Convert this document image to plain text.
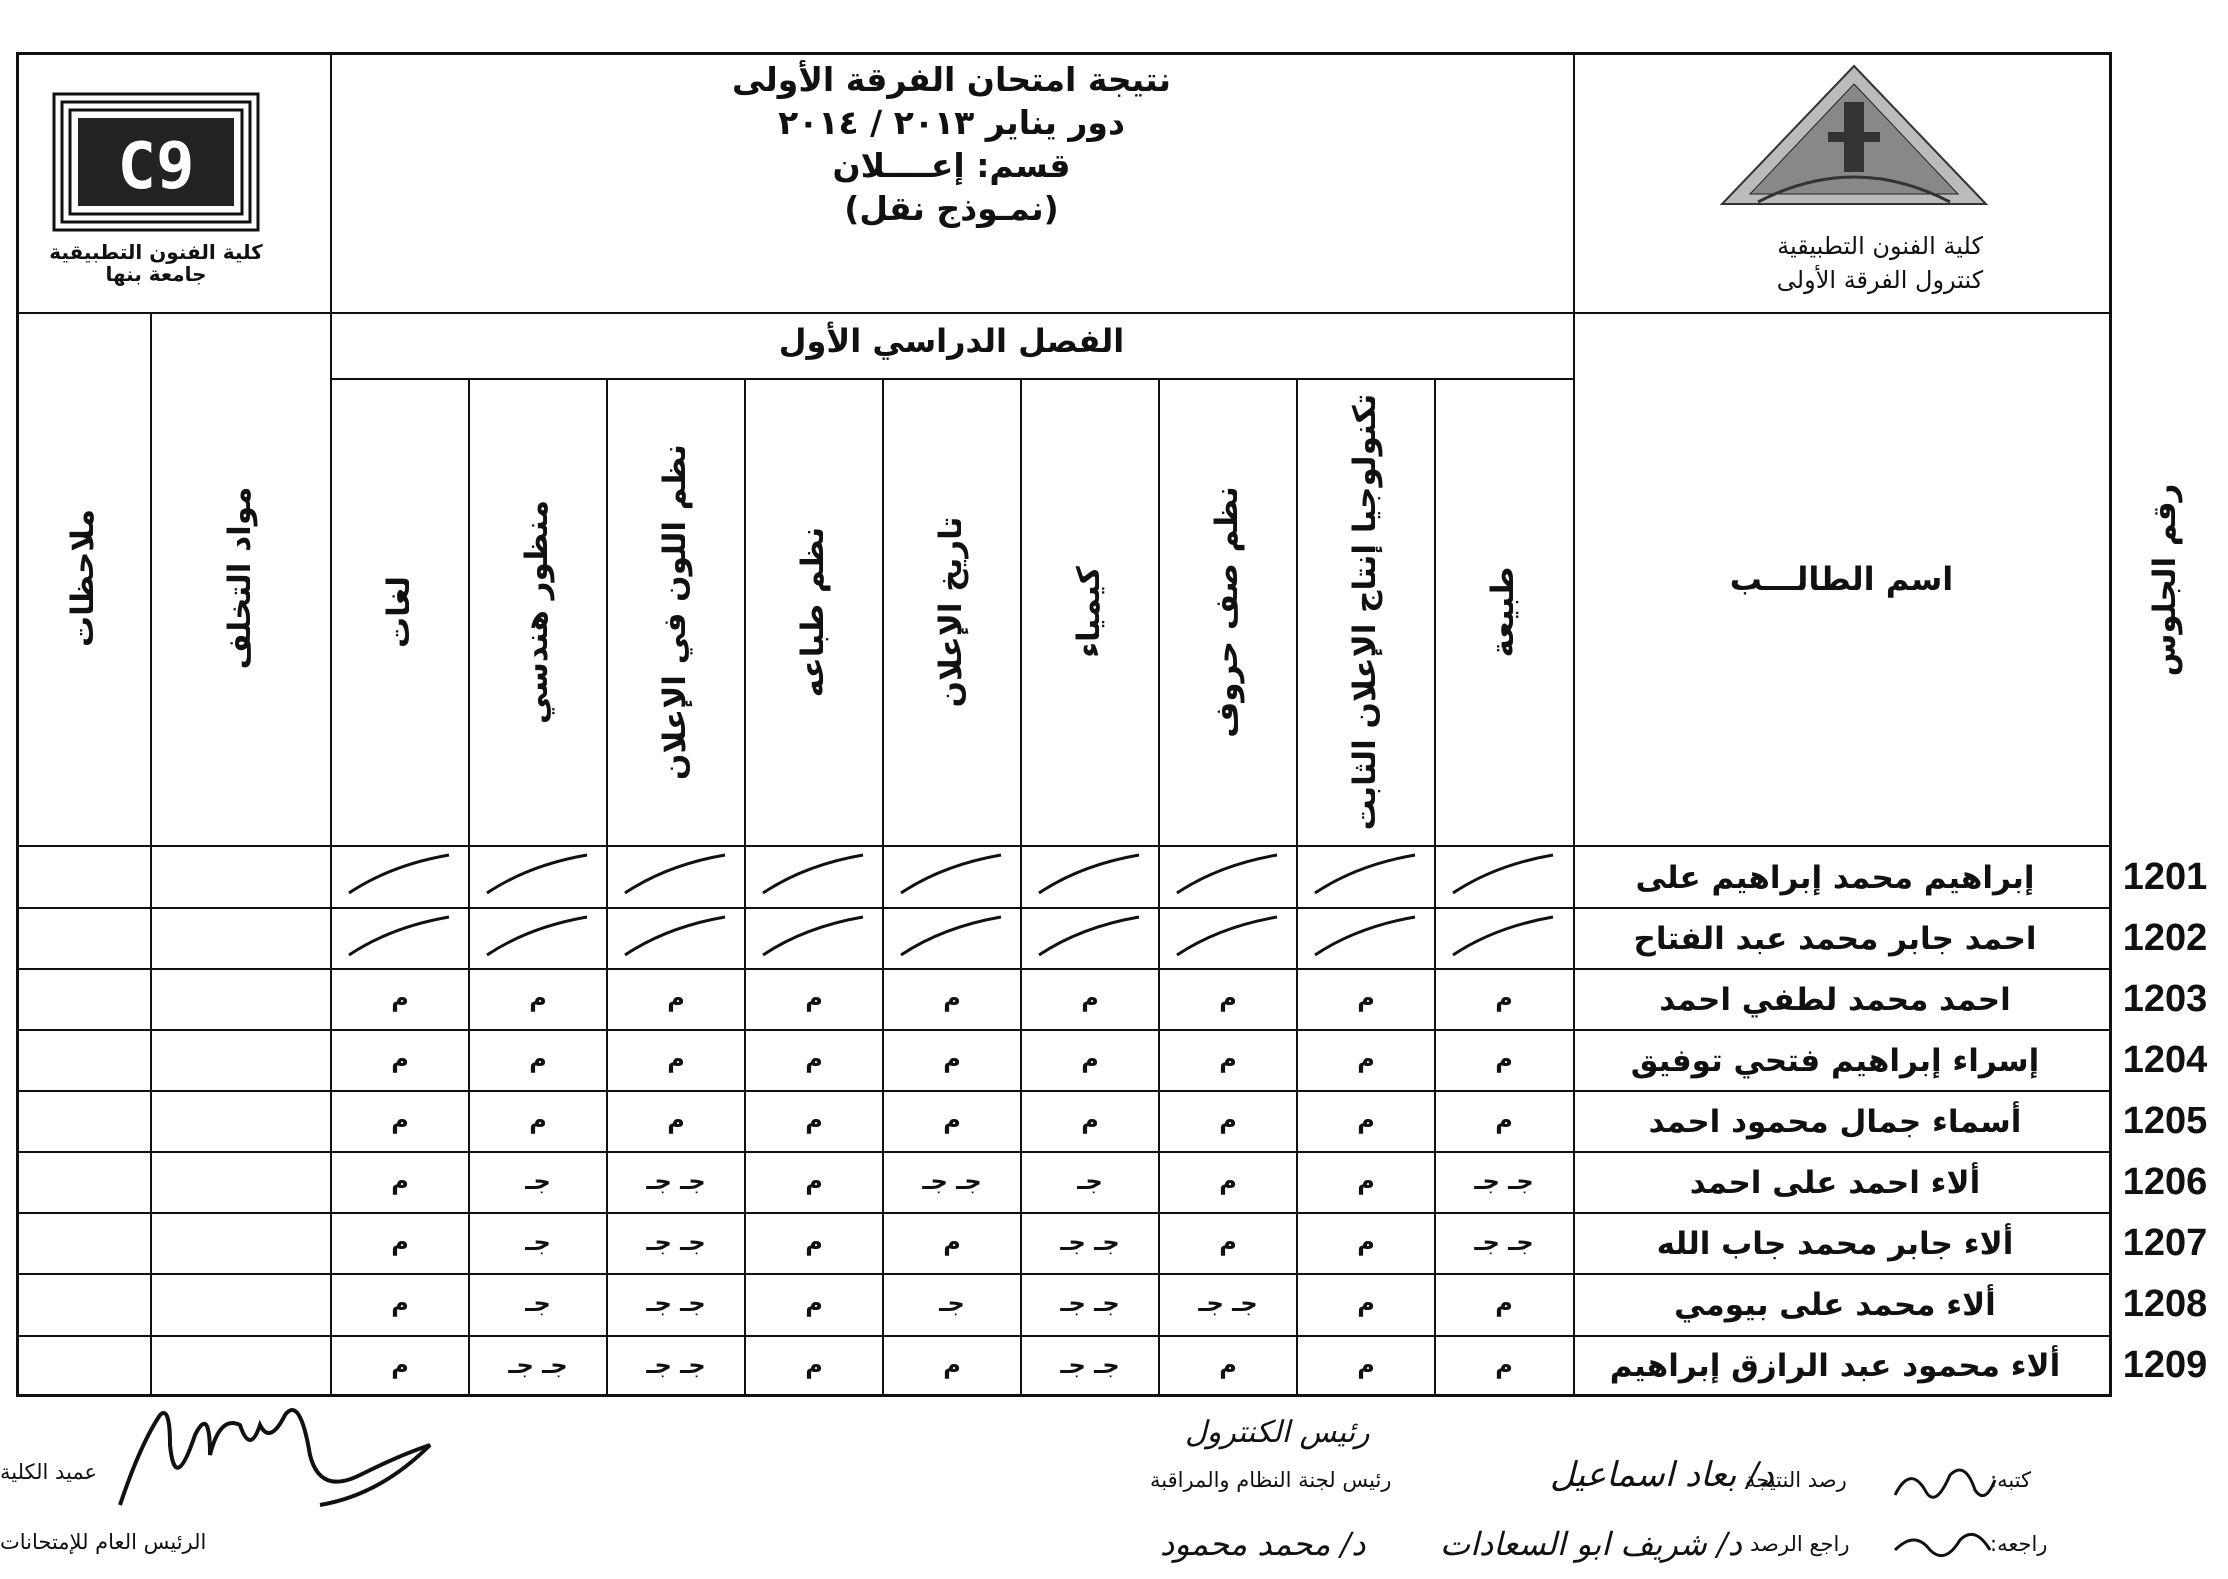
C9
كلية الفنون التطبيقية
جامعة بنها
نتيجة امتحان الفرقة الأولى
دور يناير ٢٠١٣ / ٢٠١٤
قسم: إعــــلان
(نمـوذج نقل)
كلية الفنون التطبيقية
كنترول الفرقة الأولى
الفصل الدراسي الأول
رقم الجلوس
اسم الطالـــب
مواد التخلف
ملاحظات	طبيعة
تكنولوجيا إنتاج الإعلان الثابت
نظم صف حروف
كيمياء
تاريخ الإعلان
نظم طباعه
نظم اللون في الإعلان
منظور هندسي
لغات
1201
إبراهيم محمد إبراهيم على
1202
احمد جابر محمد عبد الفتاح
1203
احمد محمد لطفي احمد
1204
إسراء إبراهيم فتحي توفيق
1205
أسماء جمال محمود احمد
1206
ألاء احمد على احمد
1207
ألاء جابر محمد جاب الله
1208
ألاء محمد على بيومي
1209
ألاء محمود عبد الرازق إبراهيم
م
م
م
م
م
م
م
م
م
م
م
م
م
م
م
م
م
م
م
م
م
م
م
م
م
م
م
جـ جـ
م
م
جـ
جـ جـ
م
جـ جـ
جـ
م
جـ جـ
م
م
جـ جـ
م
م
جـ جـ
جـ
م
م
م
جـ جـ
جـ جـ
جـ
م
جـ جـ
جـ
م
م
م
م
جـ جـ
م
م
جـ جـ
جـ جـ
م
كتبه:
راجعه:
رصد النتيجة
راجع الرصد
رئيس لجنة النظام والمراقبة
عميد الكلية
الرئيس العام للإمتحانات
د/ بعاد اسماعيل
د/ شريف ابو السعادات
د/ محمد محمود
رئيس الكنترول
